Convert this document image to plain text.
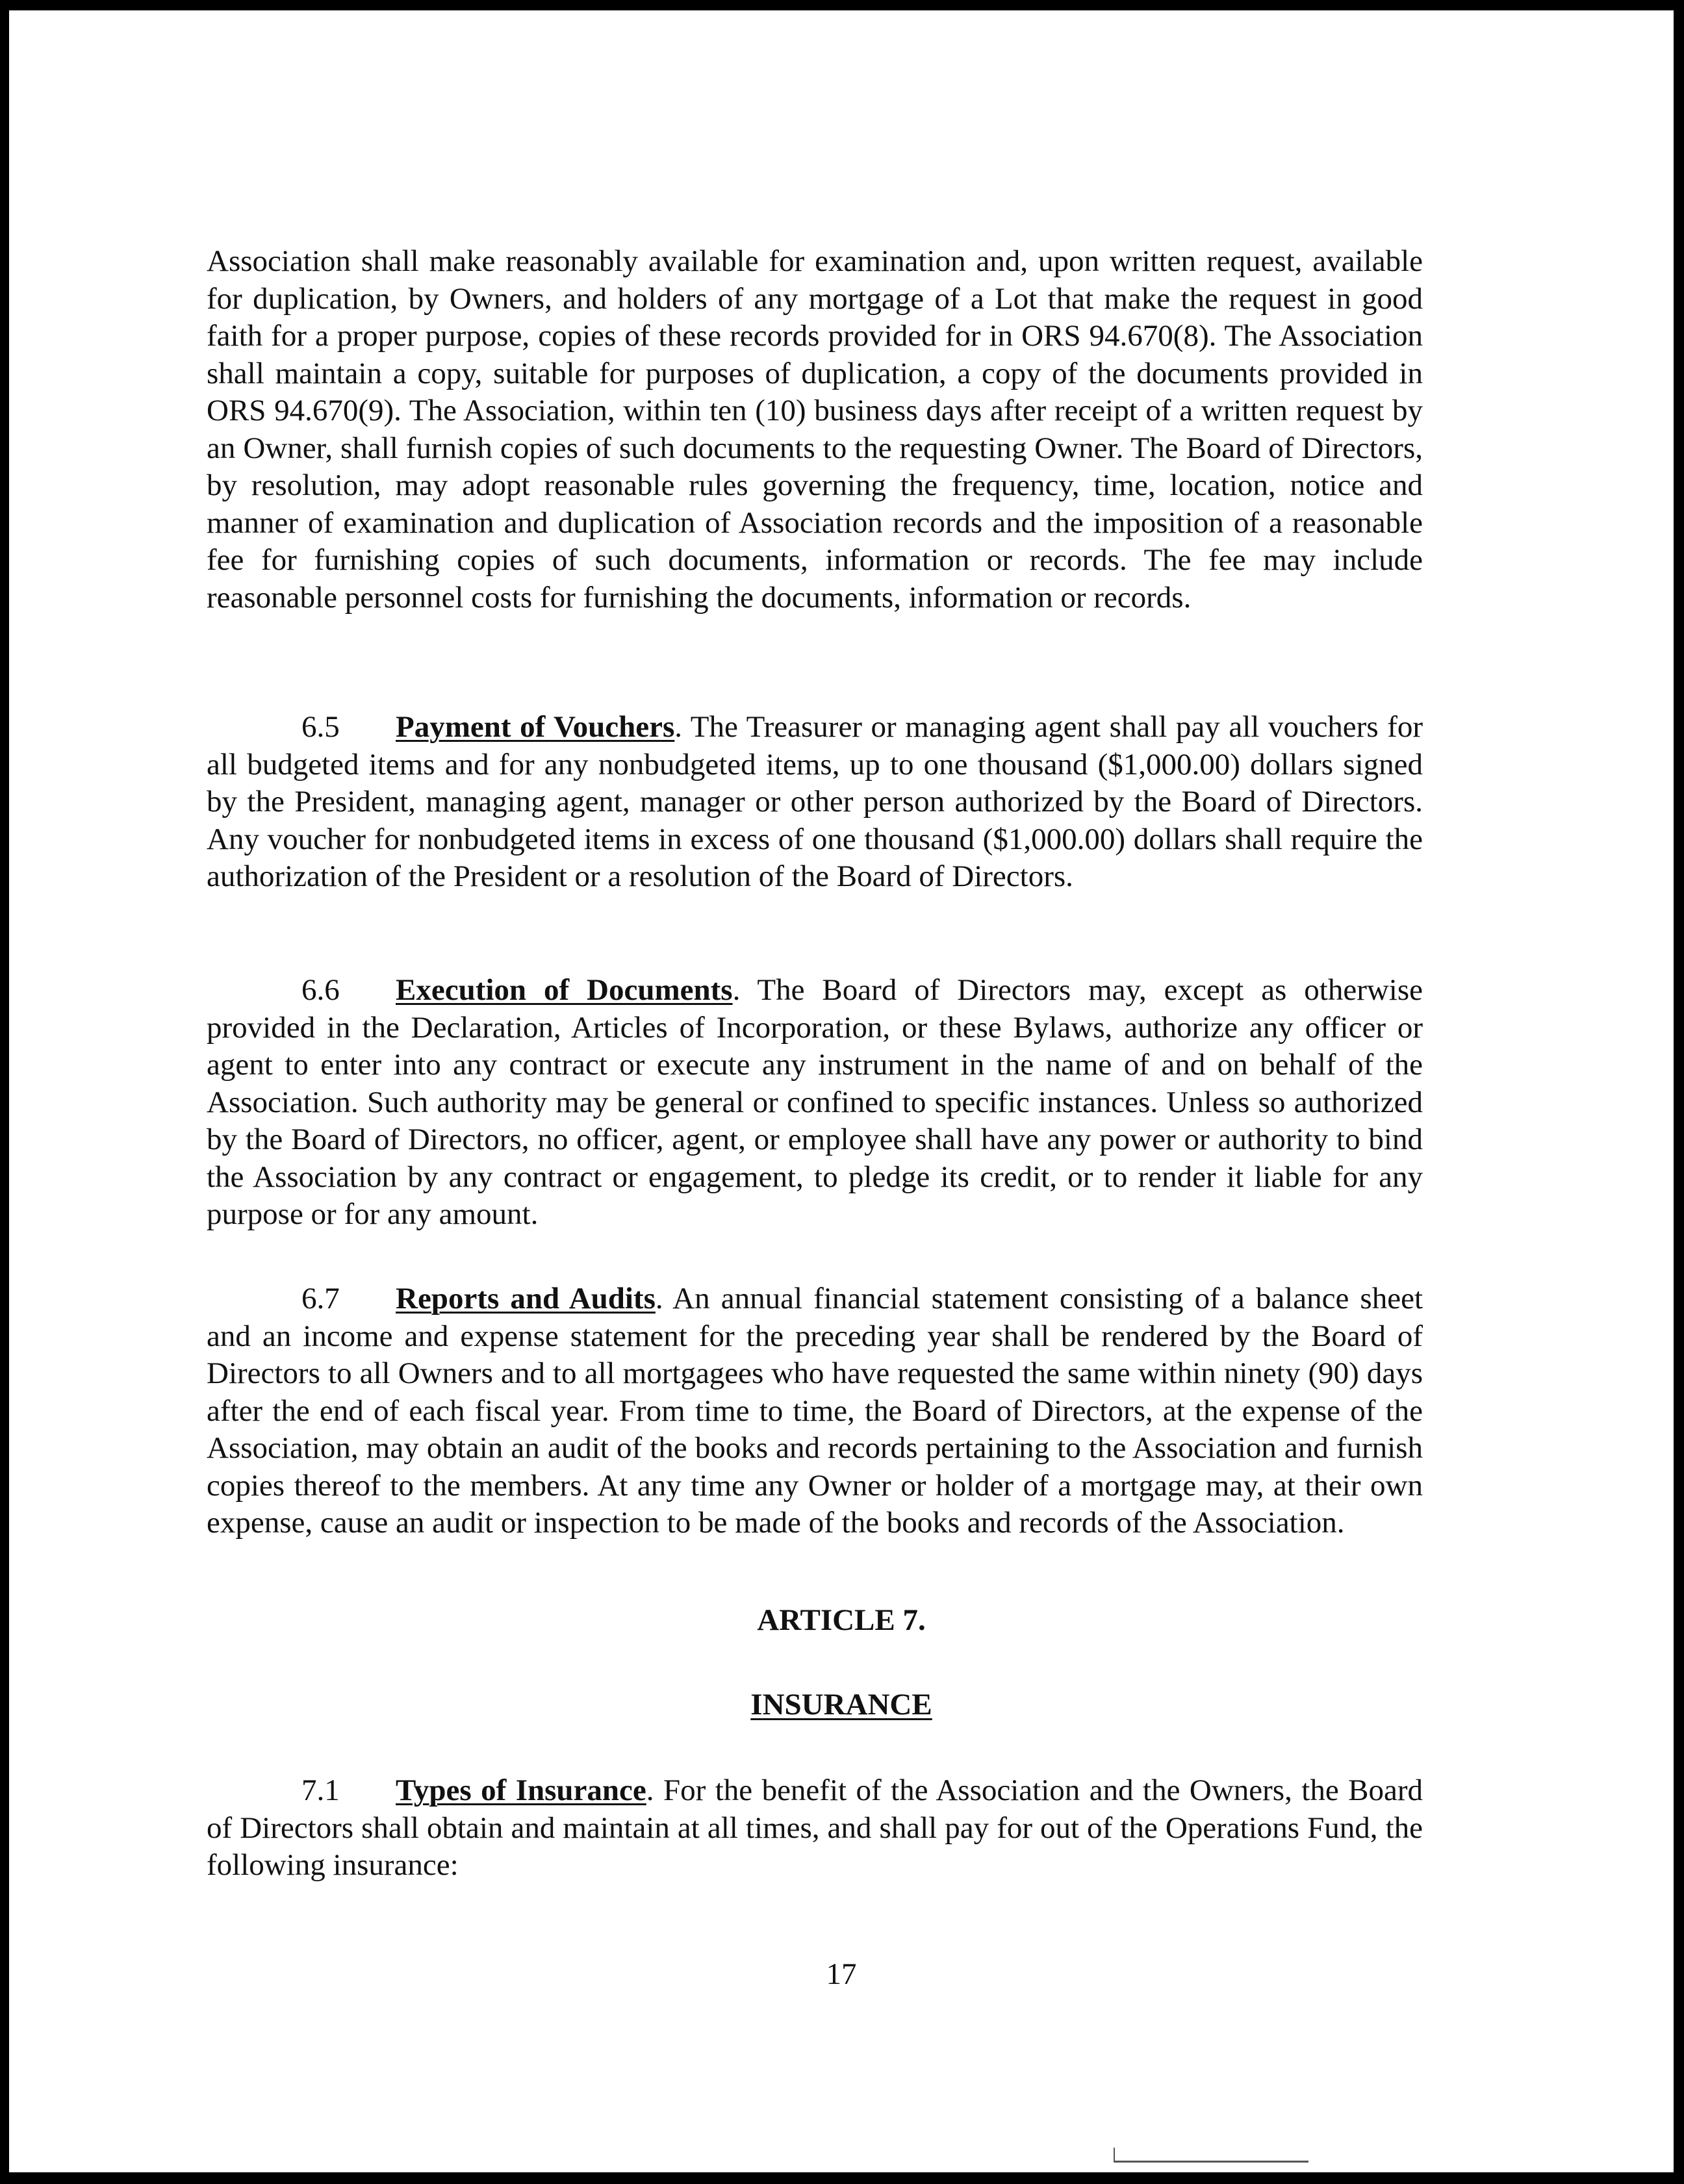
Association shall make reasonably available for examination and, upon written request, available for duplication, by Owners, and holders of any mortgage of a Lot that make the request in good faith for a proper purpose, copies of these records provided for in ORS 94.670(8). The Association shall maintain a copy, suitable for purposes of duplication, a copy of the documents provided in ORS 94.670(9). The Association, within ten (10) business days after receipt of a written request by an Owner, shall furnish copies of such documents to the requesting Owner. The Board of Directors, by resolution, may adopt reasonable rules governing the frequency, time, location, notice and manner of examination and duplication of Association records and the imposition of a reasonable fee for furnishing copies of such documents, information or records. The fee may include reasonable personnel costs for furnishing the documents, information or records.

6.5 Payment of Vouchers. The Treasurer or managing agent shall pay all vouchers for all budgeted items and for any nonbudgeted items, up to one thousand ($1,000.00) dollars signed by the President, managing agent, manager or other person authorized by the Board of Directors. Any voucher for nonbudgeted items in excess of one thousand ($1,000.00) dollars shall require the authorization of the President or a resolution of the Board of Directors.

6.6 Execution of Documents. The Board of Directors may, except as otherwise provided in the Declaration, Articles of Incorporation, or these Bylaws, authorize any officer or agent to enter into any contract or execute any instrument in the name of and on behalf of the Association. Such authority may be general or confined to specific instances. Unless so authorized by the Board of Directors, no officer, agent, or employee shall have any power or authority to bind the Association by any contract or engagement, to pledge its credit, or to render it liable for any purpose or for any amount.

6.7 Reports and Audits. An annual financial statement consisting of a balance sheet and an income and expense statement for the preceding year shall be rendered by the Board of Directors to all Owners and to all mortgagees who have requested the same within ninety (90) days after the end of each fiscal year. From time to time, the Board of Directors, at the expense of the Association, may obtain an audit of the books and records pertaining to the Association and furnish copies thereof to the members. At any time any Owner or holder of a mortgage may, at their own expense, cause an audit or inspection to be made of the books and records of the Association.

ARTICLE 7.

INSURANCE

7.1 Types of Insurance. For the benefit of the Association and the Owners, the Board of Directors shall obtain and maintain at all times, and shall pay for out of the Operations Fund, the following insurance:

17
